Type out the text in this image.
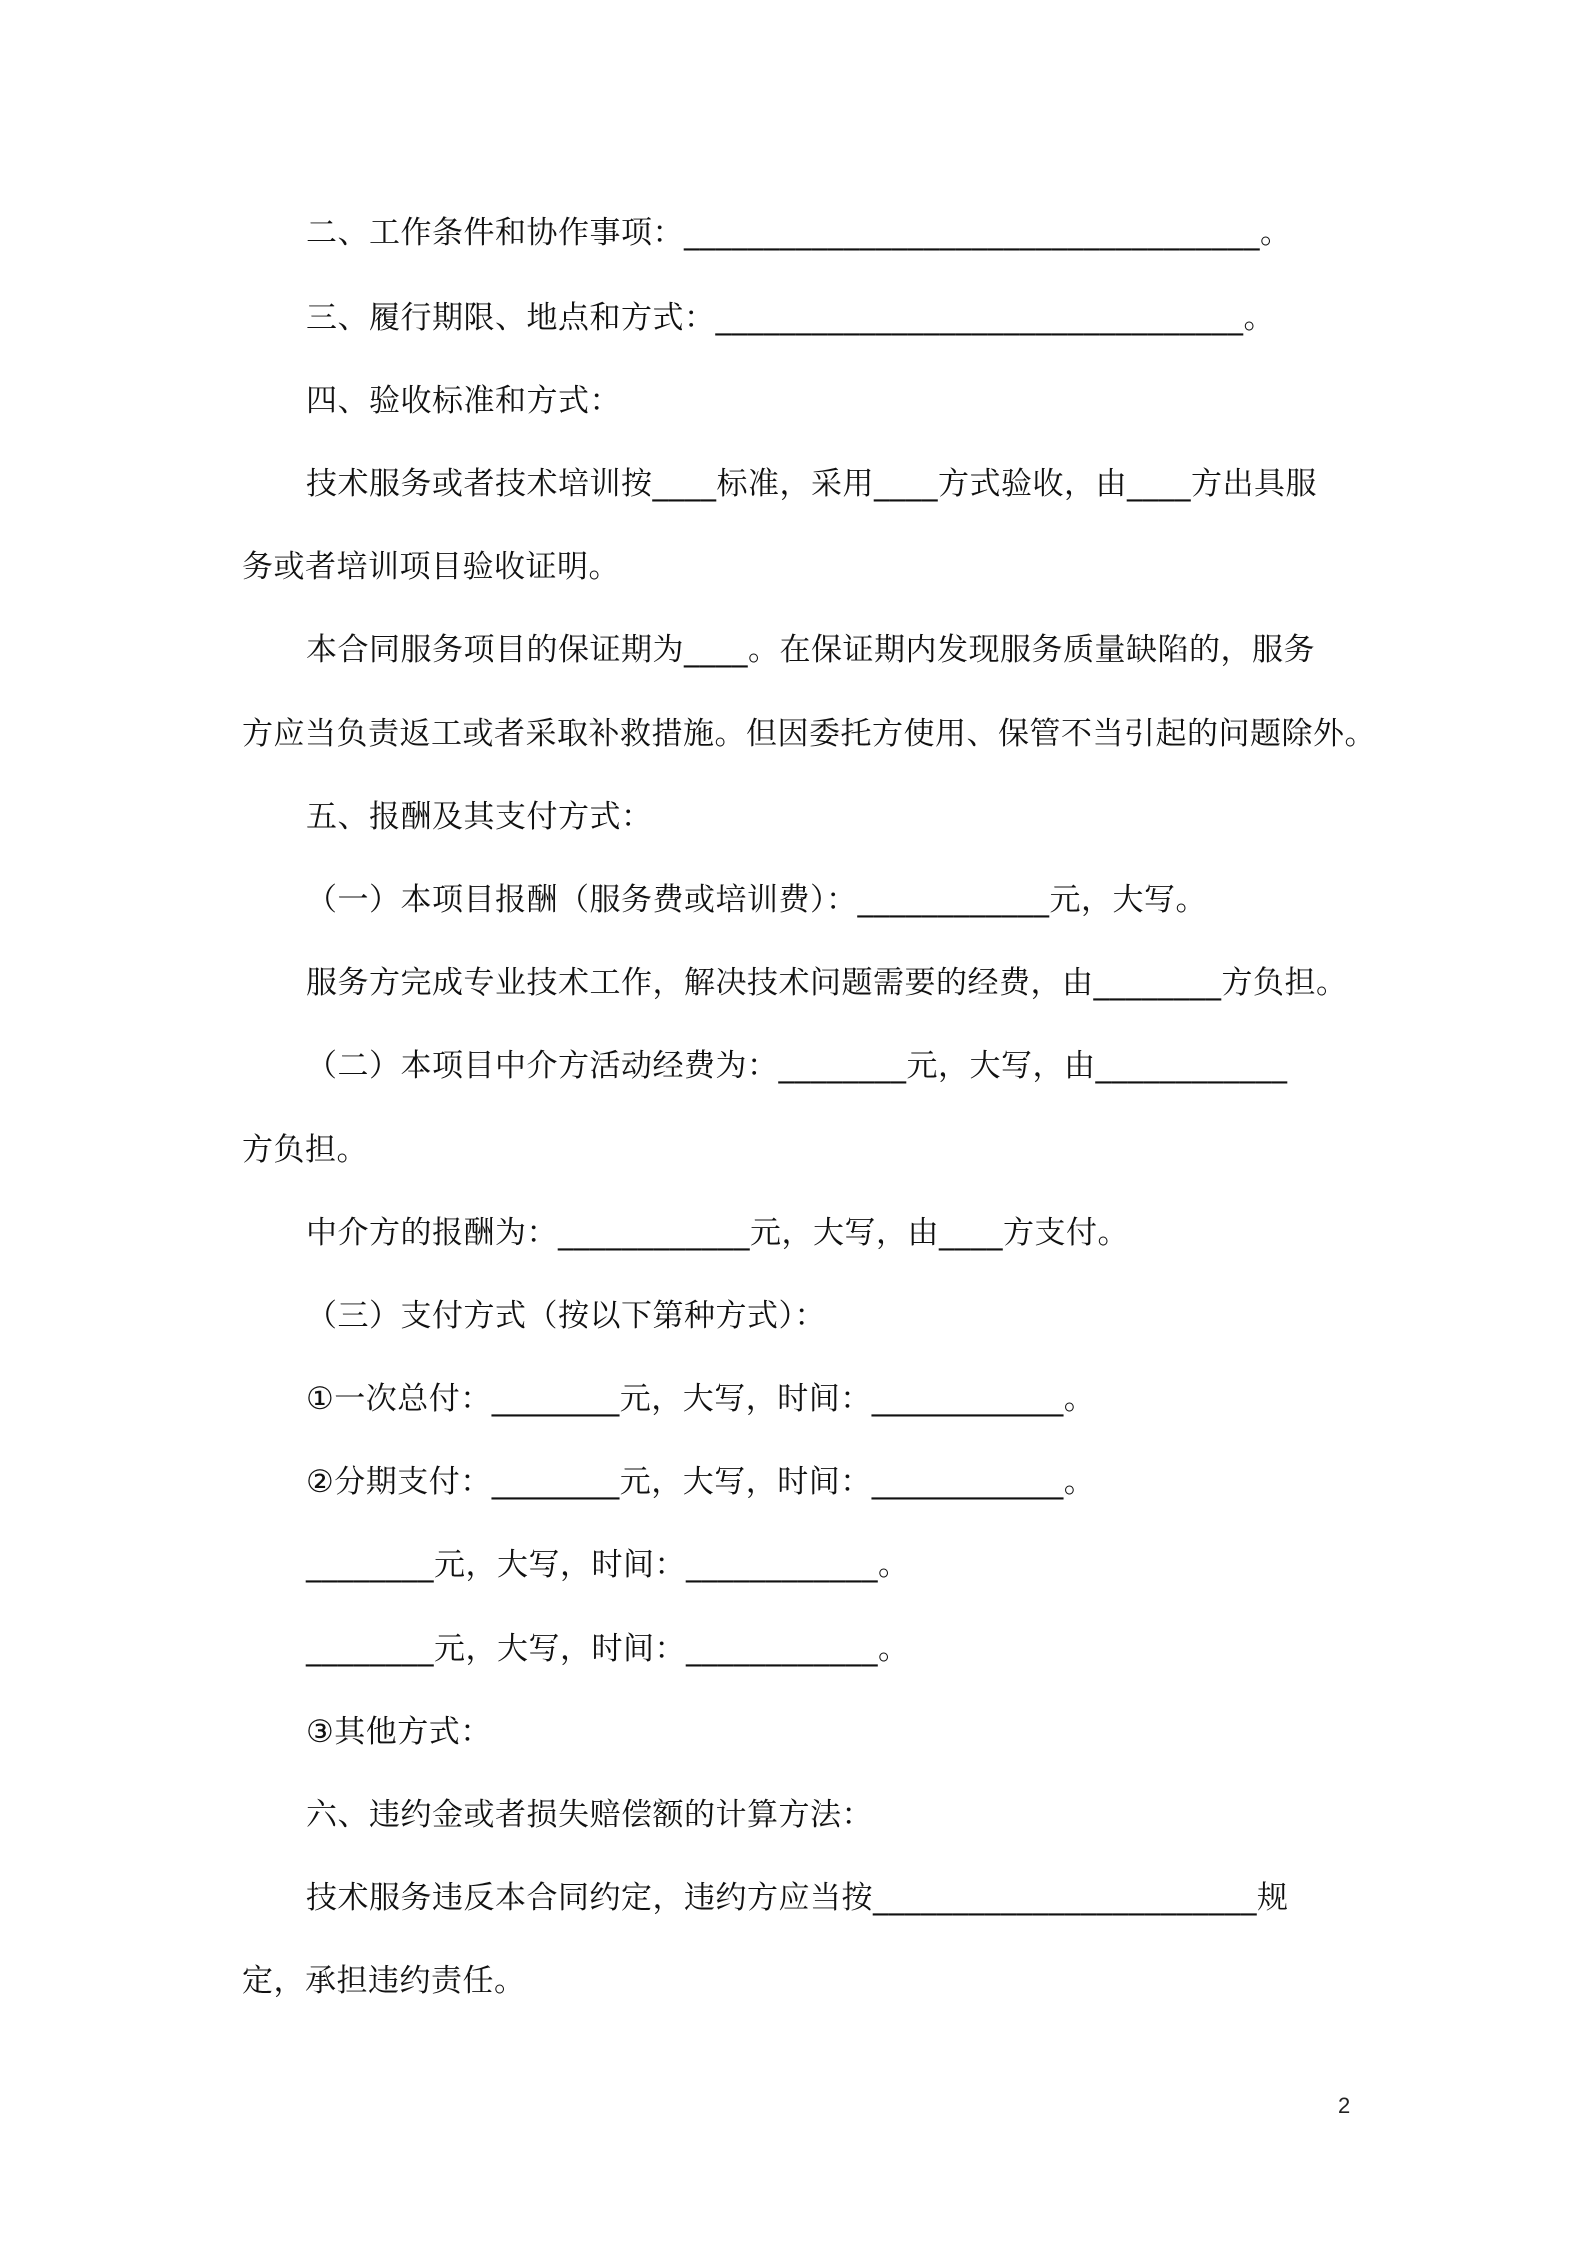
二、工作条件和协作事项：____________________________________。
三、履行期限、地点和方式：_________________________________。
四、验收标准和方式：
技术服务或者技术培训按____标准，采用____方式验收，由____方出具服
务或者培训项目验收证明。
本合同服务项目的保证期为____。在保证期内发现服务质量缺陷的，服务
方应当负责返工或者采取补救措施。但因委托方使用、保管不当引起的问题除外。
五、报酬及其支付方式：
（一）本项目报酬（服务费或培训费）：____________元，大写。
服务方完成专业技术工作，解决技术问题需要的经费，由________方负担。
（二）本项目中介方活动经费为：________元，大写，由____________
方负担。
中介方的报酬为：____________元，大写，由____方支付。
（三）支付方式（按以下第种方式）：
①一次总付：________元，大写，时间：____________。
②分期支付：________元，大写，时间：____________。
________元，大写，时间：____________。
________元，大写，时间：____________。
③其他方式：
六、违约金或者损失赔偿额的计算方法：
技术服务违反本合同约定，违约方应当按________________________规
定，承担违约责任。
2
